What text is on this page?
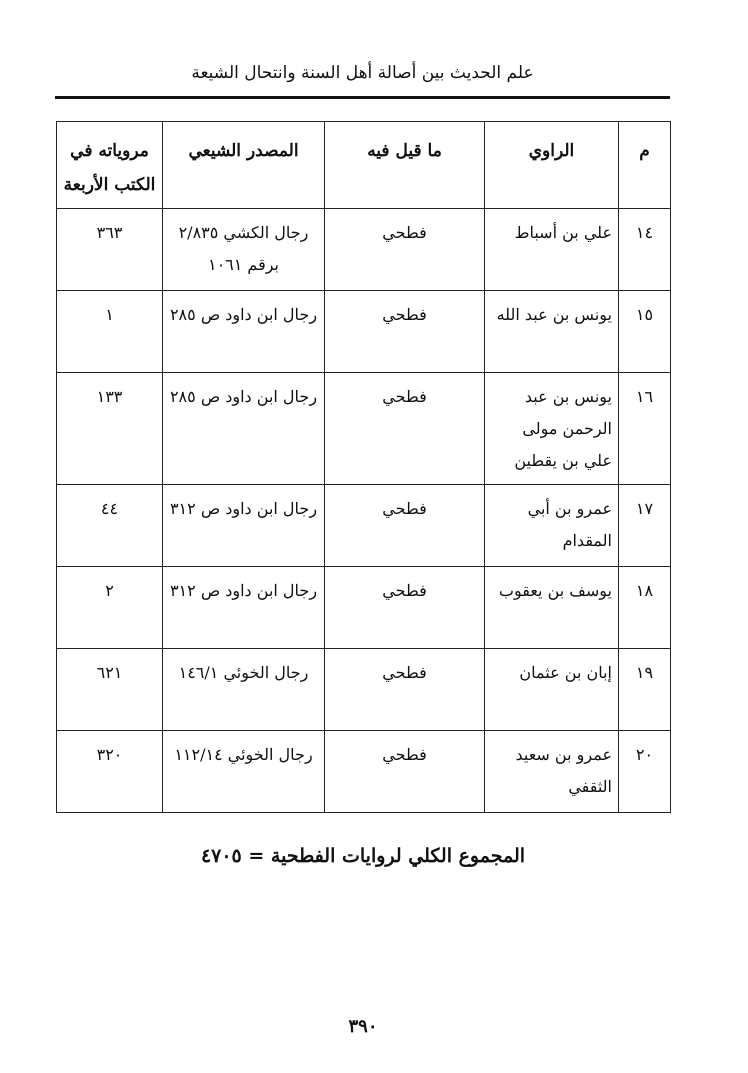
علم الحديث بين أصالة أهل السنة وانتحال الشيعة
م	الراوي	ما قيل فيه	المصدر الشيعي	مروياته في الكتب الأربعة
١٤	علي بن أسباط	فطحي	رجال الكشي ٢/٨٣٥ برقم ١٠٦١	٣٦٣
١٥	يونس بن عبد الله	فطحي	رجال ابن داود ص ٢٨٥	١
١٦	يونس بن عبد الرحمن مولى علي بن يقطين	فطحي	رجال ابن داود ص ٢٨٥	١٣٣
١٧	عمرو بن أبي المقدام	فطحي	رجال ابن داود ص ٣١٢	٤٤
١٨	يوسف بن يعقوب	فطحي	رجال ابن داود ص ٣١٢	٢
١٩	إبان بن عثمان	فطحي	رجال الخوئي ١٤٦/١	٦٢١
٢٠	عمرو بن سعيد الثقفي	فطحي	رجال الخوئي ١١٢/١٤	٣٢٠
المجموع الكلي لروايات الفطحية = ٤٧٠٥
٣٩٠
